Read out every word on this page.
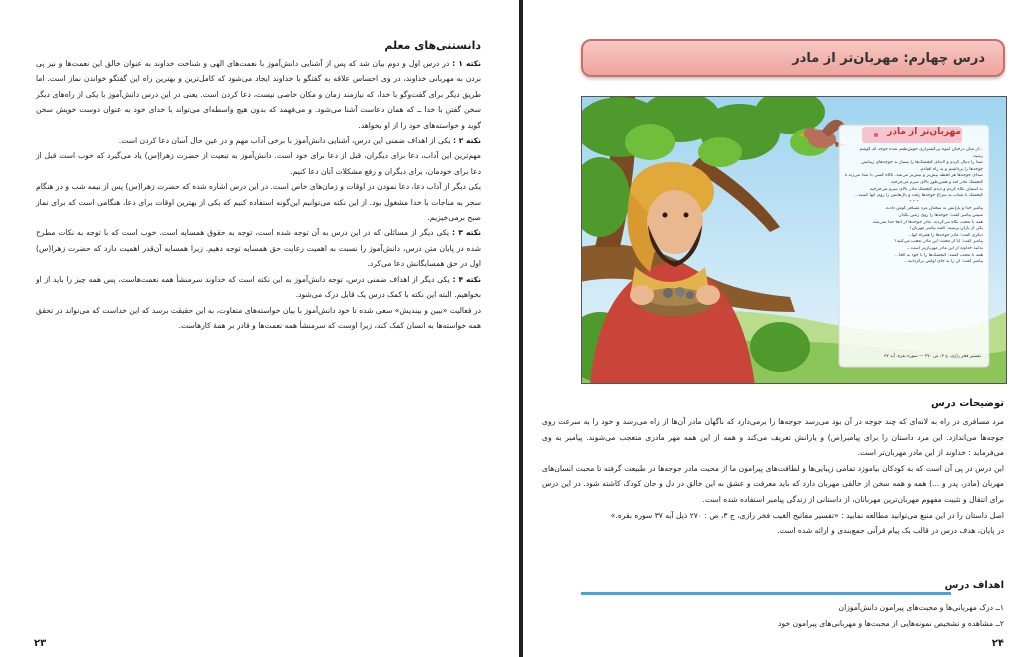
دانستنی‌های معلم

نکته ۱ : در درس اول و دوم بیان شد که پس از آشنایی دانش‌آموز با نعمت‌های الهی و شناخت خداوند به عنوان خالق این نعمت‌ها و نیز پی بردن به مهربانی خداوند، در وی احساس علاقه به گفتگو با خداوند ایجاد می‌شود که کامل‌ترین و بهترین راه این گفتگو خواندن نماز است. اما طریق دیگر برای گفت‌وگو با خدا، که نیازمند زمان و مکان خاصی نیست، دعا کردن است. یعنی در این درس دانش‌آموز با یکی از راه‌های دیگر سخن گفتن با خدا ــ که همان دعاست آشنا می‌شود. و می‌فهمد که بدون هیچ واسطه‌ای می‌تواند با خدای خود به عنوان دوست خویش سخن گوید و خواسته‌های خود را از او بخواهد.

نکته ۲ : یکی از اهداف ضمنی این درس، آشنایی دانش‌آموز با برخی آداب مهم و در عین حال آسان دعا کردن است.

مهم‌ترین این آداب، دعا برای دیگران، قبل از دعا برای خود است. دانش‌آموز به تبعیت از حضرت زهرا(س) یاد می‌گیرد که خوب است قبل از دعا برای خودمان، برای دیگران و رفع مشکلات آنان دعا کنیم.

یکی دیگر از آداب دعا، دعا نمودن در اوقات و زمان‌های خاص است. در این درس اشاره شده که حضرت زهرا(س) پس از نیمه شب و در هنگام سحر به مناجات با خدا مشغول بود. از این نکته می‌توانیم این‌گونه استفاده کنیم که یکی از بهترین اوقات برای دعا، هنگامی است که برای نماز صبح برمی‌خیزیم.

نکته ۳ : یکی دیگر از مسائلی که در این درس به آن توجه شده است، توجه به حقوق همسایه است. خوب است که با توجه به نکات مطرح شده در پایان متن درس، دانش‌آموز را نسبت به اهمیت رعایت حق همسایه توجه دهیم. زیرا همسایه آن‌قدر اهمیت دارد که حضرت زهرا(س) اول در حق همسایگانش دعا می‌کرد.

نکته ۴ : یکی دیگر از اهداف ضمنی درس، توجه دانش‌آموز به این نکته است که خداوند سرمنشأ همه نعمت‌هاست، پس همه چیز را باید از او بخواهیم. البته این نکته با کمک درس یک قابل درک می‌شود.

در فعالیت «ببین و بیندیش» سعی شده تا خود دانش‌آموز با بیان خواسته‌های متفاوت، به این حقیقت برسد که این خداست که می‌تواند در تحقق همه خواسته‌ها به انسان کمک کند، زیرا اوست که سرمنشأ همه نعمت‌ها و قادر بر همهٔ کارهاست.

۲۳
درس چهارم: مهربان‌تر از مادر
مهربان‌تر از مادر
...از میان درختان انبوه بی‌کشتزاری خوش‌طعم شده جوجه که گوشم
رسید.
صدا را دنبال کردم و لانه‌ای گنجشک‌ها را بسیار به جوجه‌های زیبایش
جوجه‌ها را برداشتم و به راه افتادم.
صدای جوجه‌ها هر لحظه بیش‌تر و بیش‌تر می‌شد. ناگاه کسی با صدا می‌زند تا
گنجشک مادر آمد و همین‌طور بالای سرم می‌چرخید.
به آسمان نگاه کردم و دیدم گنجشک مادر بالای سرم می‌چرخید.
گنجشک با شتاب به سراغ جوجه‌ها رفت و بال‌هایش را روی آنها کشید...
* * *
پیامبر خدا و یارانش به سخنان مرد مسافر گوش دادند.
سپس پیامبر گفت: جوجه‌ها را روی زمین بگذار.
همه با تعجب نگاه می‌کردند. مادر جوجه‌ها از آنجا جدا نمی‌شد.
یکی از یاران پرسید: گفته بیامبر مهربان؟
دیگری گفت: مادر جوجه‌ها را همراه آنها...
پیامبر گفت: آیا از محبت این مادر تعجب می‌کنید؟
بدانید خداوند از این مادر مهربان‌تر است...
همه با تعجب گفتند: گنجشک‌ها را با خود به کجا...
پیامبر گفت: آن را به جای اولش برگردانید...
تفسیر فخر رازی، ج ۳، ص ۲۷۰ — سوره بقره، آیه ۳۷
توضیحات درس

مرد مسافری در راه به لانه‌ای که چند جوجه در آن بود می‌رسد جوجه‌ها را برمی‌دارد که ناگهان مادر آن‌ها از راه می‌رسد و خود را به سرعت روی جوجه‌ها می‌اندازد. این مرد داستان را برای پیامبر(ص) و یارانش تعریف می‌کند و همه از این همه مهر مادری متعجب می‌شوند. پیامبر به وی می‌فرماید : خداوند از این مادر مهربان‌تر است.

این درس در پی آن است که به کودکان بیاموزد تمامی زیبایی‌ها و لطافت‌های پیرامون ما از محبت مادر جوجه‌ها در طبیعت گرفته تا محبت انسان‌های مهربان (مادر، پدر و ...) همه و همه سخن از خالقی مهربان دارد که باید معرفت و عشق به این خالق در دل و جان کودک کاشته شود. در این درس برای انتقال و تثبیت مفهوم مهربان‌ترین مهربانان، از داستانی از زندگی پیامبر استفاده شده است.

اصل داستان را در این منبع می‌توانید مطالعه نمایید : «تفسیر مفاتیح الغیب فخر رازی، ج ۳، ص : ۲۷۰ ذیل آیه ۳۷ سوره بقره.»

در پایان، هدف درس در قالب یک پیام قرآنی جمع‌بندی و ارائه شده است.

اهداف درس
۱ــ درک مهربانی‌ها و محبت‌های پیرامون دانش‌آموزان
۲ــ مشاهده و تشخیص نمونه‌هایی از محبت‌ها و مهربانی‌های پیرامون خود
۲۴
